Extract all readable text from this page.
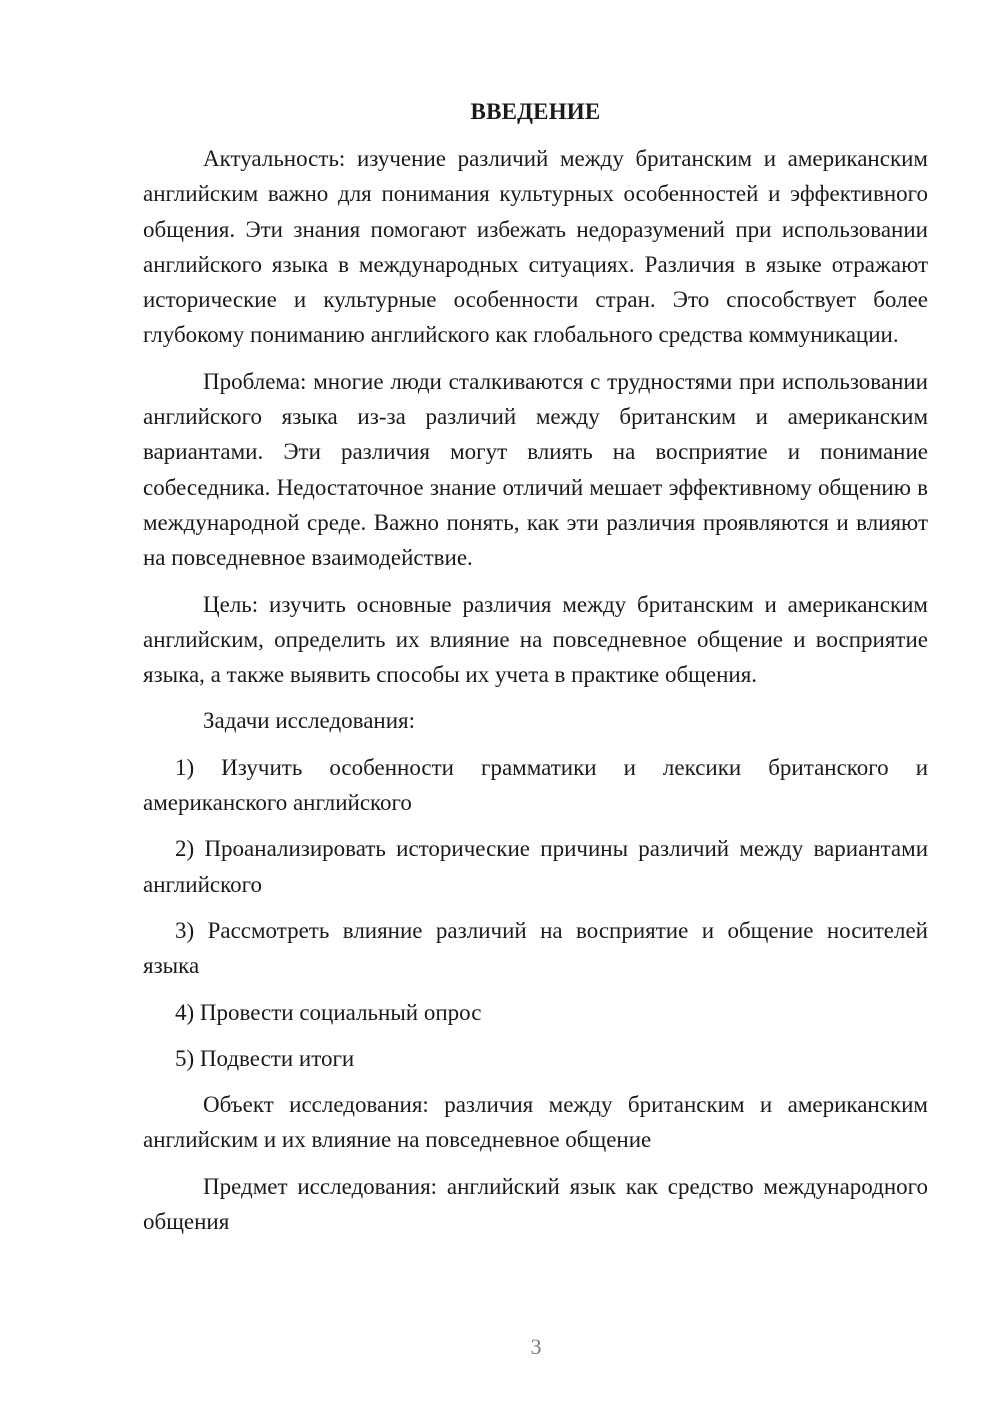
ВВЕДЕНИЕ

Актуальность: изучение различий между британским и американским английским важно для понимания культурных особенностей и эффективного общения. Эти знания помогают избежать недоразумений при использовании английского языка в международных ситуациях. Различия в языке отражают исторические и культурные особенности стран. Это способствует более глубокому пониманию английского как глобального средства коммуникации.

Проблема: многие люди сталкиваются с трудностями при использовании английского языка из-за различий между британским и американским вариантами. Эти различия могут влиять на восприятие и понимание собеседника. Недостаточное знание отличий мешает эффективному общению в международной среде. Важно понять, как эти различия проявляются и влияют на повседневное взаимодействие.

Цель: изучить основные различия между британским и американским английским, определить их влияние на повседневное общение и восприятие языка, а также выявить способы их учета в практике общения.

Задачи исследования:

1) Изучить особенности грамматики и лексики британского и американского английского

2) Проанализировать исторические причины различий между вариантами английского

3) Рассмотреть влияние различий на восприятие и общение носителей языка

4) Провести социальный опрос

5) Подвести итоги

Объект исследования: различия между британским и американским английским и их влияние на повседневное общение

Предмет исследования: английский язык как средство международного общения

3
